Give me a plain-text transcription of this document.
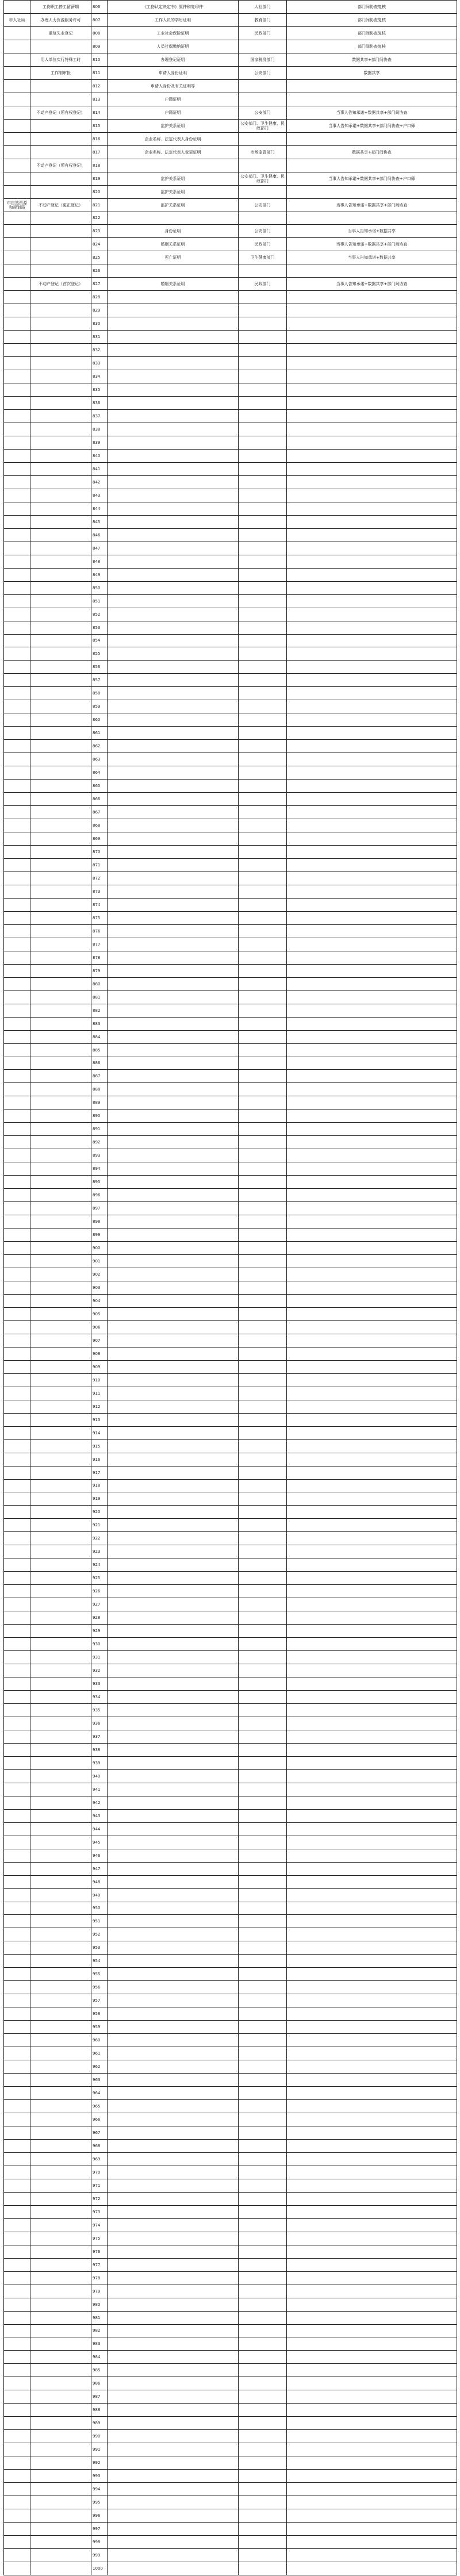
	工伤职工停工留薪期	806	《工伤认定决定书》原件和复印件	人社部门	部门间协查复核
市人社局	办理人力资源服务许可	807	工作人员的学历证明	教育部门	部门间协查复核
	重复失业登记	808	工业社会保险证明	民政部门	部门间协查复核
		809	人员社保缴纳证明		部门间协查复核
	用人单位实行特殊工时	810	办理登记证明	国家税务部门	数据共享+部门间协查
	工作制审批	811	申请人身份证明	公安部门	数据共享
		812	申请人身份及有关证明等		
		813	户籍证明		
	不动产登记（所有权登记）	814	户籍证明	公安部门	当事人告知承诺+数据共享+部门间协查
		815	监护关系证明	公安部门、卫生健康、民政部门	当事人告知承诺+数据共享+部门间协查+户口簿
		816	企业名称、法定代表人身份证明		
		817	企业名称、法定代表人变更证明	市场监管部门	数据共享+部门间协查
	不动产登记（所有权登记）	818			
		819	监护关系证明	公安部门、卫生健康、民政部门	当事人告知承诺+数据共享+部门间协查+户口簿
		820	监护关系证明		
市自然资源和规划局	不动产登记（更正登记）	821	监护关系证明	公安部门	当事人告知承诺+数据共享+部门间协查
		822			
		823	身份证明	公安部门	当事人告知承诺+数据共享
		824	婚姻关系证明	民政部门	当事人告知承诺+数据共享+部门间协查
		825	死亡证明	卫生健康部门	当事人告知承诺+数据共享
		826			
	不动产登记（首次登记）	827	婚姻关系证明	民政部门	当事人告知承诺+数据共享+部门间协查
		828			
		829			
		830			
		831			
		832			
		833			
		834			
		835			
		836			
		837			
		838			
		839			
		840			
		841			
		842			
		843			
		844			
		845			
		846			
		847			
		848			
		849			
		850			
		851			
		852			
		853			
		854			
		855			
		856			
		857			
		858			
		859			
		860			
		861			
		862			
		863			
		864			
		865			
		866			
		867			
		868			
		869			
		870			
		871			
		872			
		873			
		874			
		875			
		876			
		877			
		878			
		879			
		880			
		881			
		882			
		883			
		884			
		885			
		886			
		887			
		888			
		889			
		890			
		891			
		892			
		893			
		894			
		895			
		896			
		897			
		898			
		899			
		900			
		901			
		902			
		903			
		904			
		905			
		906			
		907			
		908			
		909			
		910			
		911			
		912			
		913			
		914			
		915			
		916			
		917			
		918			
		919			
		920			
		921			
		922			
		923			
		924			
		925			
		926			
		927			
		928			
		929			
		930			
		931			
		932			
		933			
		934			
		935			
		936			
		937			
		938			
		939			
		940			
		941			
		942			
		943			
		944			
		945			
		946			
		947			
		948			
		949			
		950			
		951			
		952			
		953			
		954			
		955			
		956			
		957			
		958			
		959			
		960			
		961			
		962			
		963			
		964			
		965			
		966			
		967			
		968			
		969			
		970			
		971			
		972			
		973			
		974			
		975			
		976			
		977			
		978			
		979			
		980			
		981			
		982			
		983			
		984			
		985			
		986			
		987			
		988			
		989			
		990			
		991			
		992			
		993			
		994			
		995			
		996			
		997			
		998			
		999			
		1000			
